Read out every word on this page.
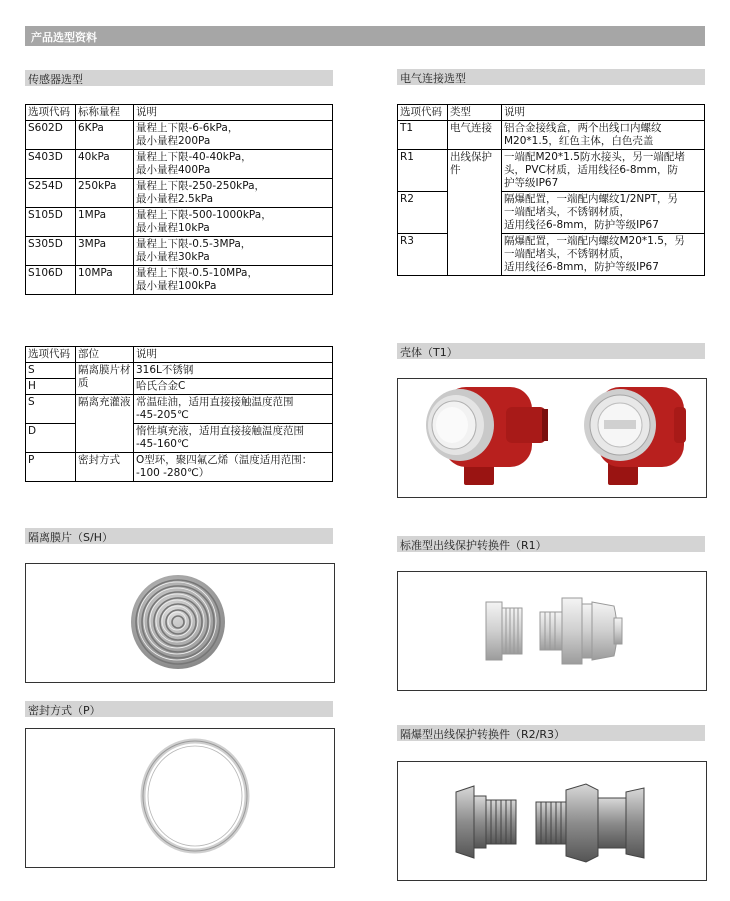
产品选型资料
传感器选型
选项代码	标称量程	说明
S602D	6KPa	量程上下限-6-6kPa，
最小量程200Pa

S403D	40kPa	量程上下限-40-40kPa，
最小量程400Pa

S254D	250kPa	量程上下限-250-250kPa，
最小量程2.5kPa

S105D	1MPa	量程上下限-500-1000kPa，
最小量程10kPa

S305D	3MPa	量程上下限-0.5-3MPa，
最小量程30kPa

S106D	10MPa	量程上下限-0.5-10MPa，
最小量程100kPa
选项代码	部位	说明
S	隔离膜片材质	316L不锈钢
H		哈氏合金C
S	隔离充灌液	常温硅油，适用直接接触温度范围
-45-205℃

D		惰性填充液，适用直接接触温度范围
-45-160℃

P	密封方式	O型环，聚四氟乙烯（温度适用范围：
-100 -280℃）
隔离膜片（S/H）
密封方式（P）
电气连接选型
选项代码	类型	说明
T1	电气连接	铝合金接线盒，两个出线口内螺纹
M20*1.5，红色主体，白色壳盖

R1	出线保护件	一端配M20*1.5防水接头，另一端配堵
头，PVC材质，适用线径6-8mm，防
护等级IP67

R2		隔爆配置，一端配内螺纹1/2NPT，另
一端配堵头，不锈钢材质，
适用线径6-8mm，防护等级IP67

R3		隔爆配置，一端配内螺纹M20*1.5，另
一端配堵头，不锈钢材质，
适用线径6-8mm，防护等级IP67
壳体（T1）
标准型出线保护转换件（R1）
隔爆型出线保护转换件（R2/R3）
